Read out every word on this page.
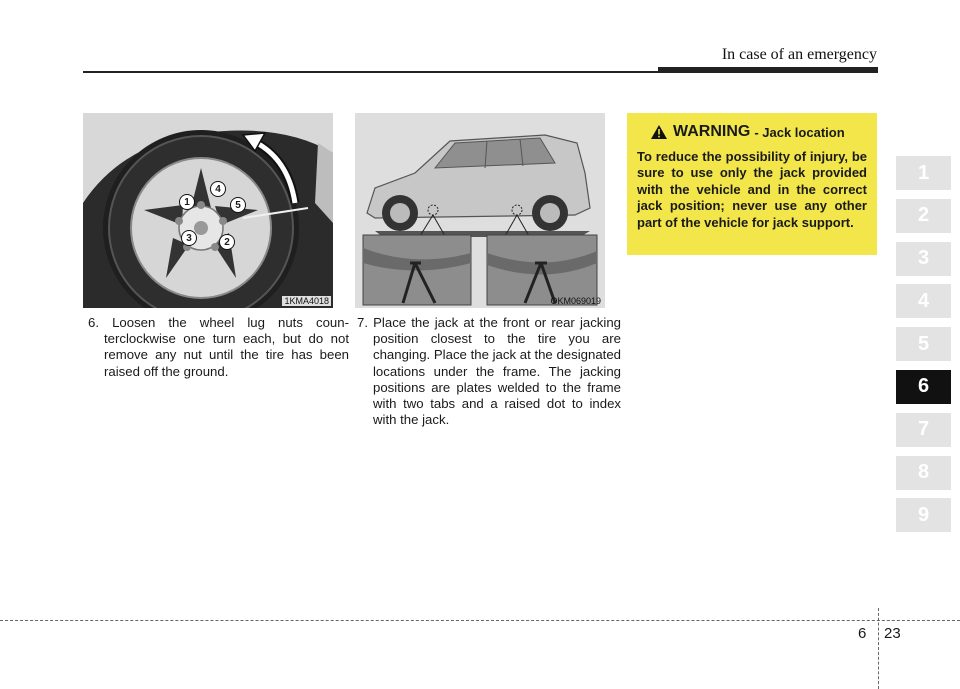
In case of an emergency
1
2
3
4
5
1KMA4018	OKM069019
6. Loosen the wheel lug nuts counterclockwise one turn each, but do not remove any nut until the tire has been raised off the ground.
7. Place the jack at the front or rear jacking position closest to the tire you are changing. Place the jack at the designated locations under the frame. The jacking positions are plates welded to the frame with two tabs and a raised dot to index with the jack.
WARNING - Jack location
To reduce the possibility of injury, be sure to use only the jack provided with the vehicle and in the correct jack position; never use any other part of the vehicle for jack support.
1
2
3
4
5
6
7
8
9
6 23
